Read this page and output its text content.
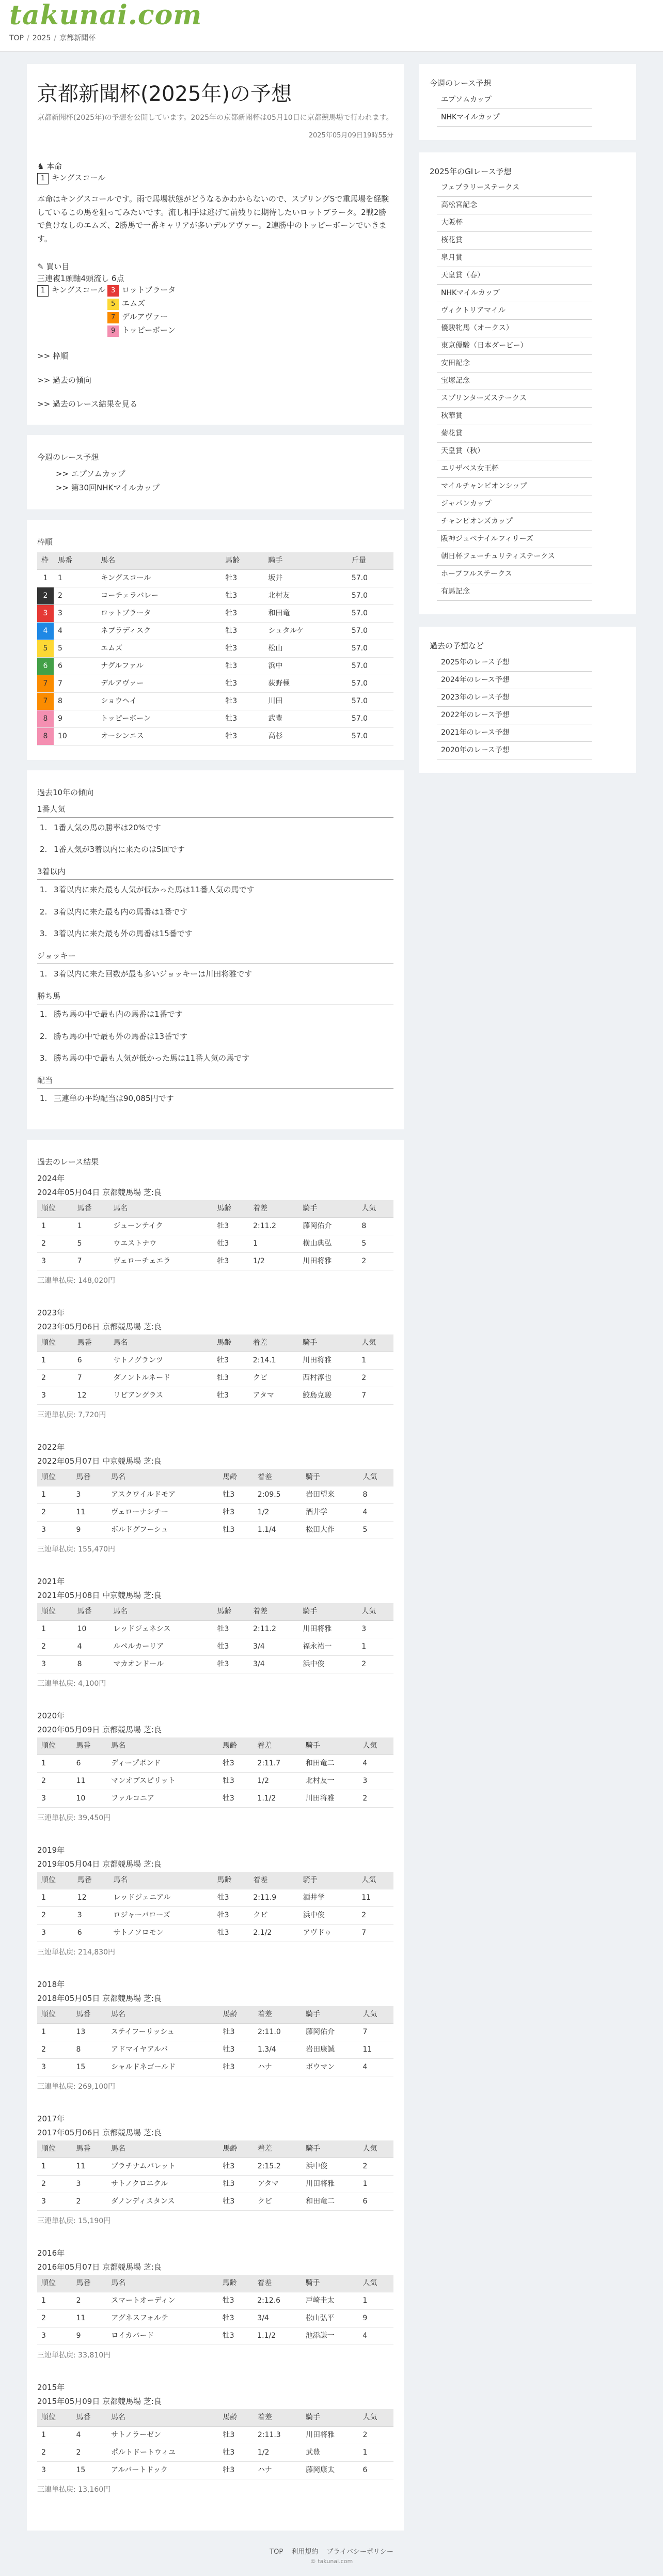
takunai.com
TOP / 2025 / 京都新聞杯
京都新聞杯(2025年)の予想

京都新聞杯(2025年)の予想を公開しています。2025年の京都新聞杯は05月10日に京都競馬場で行われます。

2025年05月09日19時55分
♞ 本命
1 キングスコール

本命はキングスコールです。雨で馬場状態がどうなるかわからないので、スプリングSで重馬場を経験しているこの馬を狙ってみたいです。流し相手は逃げて前残りに期待したいロットブラータ。2戦2勝で負けなしのエムズ、2勝馬で一番キャリアが多いデルアヴァー。2連勝中のトッピーボーンでいきます。

✎ 買い目
三連複1頭軸4頭流し 6点
1 キングスコール 3 ロットブラータ
5 エムズ
7 デルアヴァー
9 トッピーボーン
>> 枠順
>> 過去の傾向
>> 過去のレース結果を見る
今週のレース予想
>> エプソムカップ
>> 第30回NHKマイルカップ
枠順
枠	馬番	馬名	馬齢	騎手	斤量
1	1	キングスコール	牡3	坂井	57.0
2	2	コーチェラバレー	牡3	北村友	57.0
3	3	ロットブラータ	牡3	和田竜	57.0
4	4	ネブラディスク	牡3	シュタルケ	57.0
5	5	エムズ	牡3	松山	57.0
6	6	ナグルファル	牡3	浜中	57.0
7	7	デルアヴァー	牡3	荻野極	57.0
7	8	ショウヘイ	牡3	川田	57.0
8	9	トッピーボーン	牡3	武豊	57.0
8	10	オーシンエス	牡3	高杉	57.0
過去10年の傾向
1番人気
1. 1番人気の馬の勝率は20%です
2. 1番人気が3着以内に来たのは5回です
3着以内
1. 3着以内に来た最も人気が低かった馬は11番人気の馬です
2. 3着以内に来た最も内の馬番は1番です
3. 3着以内に来た最も外の馬番は15番です
ジョッキー
1. 3着以内に来た回数が最も多いジョッキーは川田将雅です
勝ち馬
1. 勝ち馬の中で最も内の馬番は1番です
2. 勝ち馬の中で最も外の馬番は13番です
3. 勝ち馬の中で最も人気が低かった馬は11番人気の馬です
配当
1. 三連単の平均配当は90,085円です
過去のレース結果
2024年
2024年05月04日 京都競馬場 芝:良
順位	馬番	馬名	馬齢	着差	騎手	人気
1	1	ジューンテイク	牡3	2:11.2	藤岡佑介	8
2	5	ウエストナウ	牡3	1	横山典弘	5
3	7	ヴェローチェエラ	牡3	1/2	川田将雅	2
三連単払戻: 148,020円
2023年
2023年05月06日 京都競馬場 芝:良
順位	馬番	馬名	馬齢	着差	騎手	人気
1	6	サトノグランツ	牡3	2:14.1	川田将雅	1
2	7	ダノントルネード	牡3	クビ	西村淳也	2
3	12	リビアングラス	牡3	アタマ	鮫島克駿	7
三連単払戻: 7,720円
2022年
2022年05月07日 中京競馬場 芝:良
順位	馬番	馬名	馬齢	着差	騎手	人気
1	3	アスクワイルドモア	牡3	2:09.5	岩田望来	8
2	11	ヴェローナシチー	牡3	1/2	酒井学	4
3	9	ボルドグフーシュ	牡3	1.1/4	松田大作	5
三連単払戻: 155,470円
2021年
2021年05月08日 中京競馬場 芝:良
順位	馬番	馬名	馬齢	着差	騎手	人気
1	10	レッドジェネシス	牡3	2:11.2	川田将雅	3
2	4	ルペルカーリア	牡3	3/4	福永祐一	1
3	8	マカオンドール	牡3	3/4	浜中俊	2
三連単払戻: 4,100円
2020年
2020年05月09日 京都競馬場 芝:良
順位	馬番	馬名	馬齢	着差	騎手	人気
1	6	ディープボンド	牡3	2:11.7	和田竜二	4
2	11	マンオブスピリット	牡3	1/2	北村友一	3
3	10	ファルコニア	牡3	1.1/2	川田将雅	2
三連単払戻: 39,450円
2019年
2019年05月04日 京都競馬場 芝:良
順位	馬番	馬名	馬齢	着差	騎手	人気
1	12	レッドジェニアル	牡3	2:11.9	酒井学	11
2	3	ロジャーバローズ	牡3	クビ	浜中俊	2
3	6	サトノソロモン	牡3	2.1/2	アヴドゥ	7
三連単払戻: 214,830円
2018年
2018年05月05日 京都競馬場 芝:良
順位	馬番	馬名	馬齢	着差	騎手	人気
1	13	ステイフーリッシュ	牡3	2:11.0	藤岡佑介	7
2	8	アドマイヤアルバ	牡3	1.3/4	岩田康誠	11
3	15	シャルドネゴールド	牡3	ハナ	ボウマン	4
三連単払戻: 269,100円
2017年
2017年05月06日 京都競馬場 芝:良
順位	馬番	馬名	馬齢	着差	騎手	人気
1	11	プラチナムバレット	牡3	2:15.2	浜中俊	2
2	3	サトノクロニクル	牡3	アタマ	川田将雅	1
3	2	ダノンディスタンス	牡3	クビ	和田竜二	6
三連単払戻: 15,190円
2016年
2016年05月07日 京都競馬場 芝:良
順位	馬番	馬名	馬齢	着差	騎手	人気
1	2	スマートオーディン	牡3	2:12.6	戸崎圭太	1
2	11	アグネスフォルテ	牡3	3/4	松山弘平	9
3	9	ロイカバード	牡3	1.1/2	池添謙一	4
三連単払戻: 33,810円
2015年
2015年05月09日 京都競馬場 芝:良
順位	馬番	馬名	馬齢	着差	騎手	人気
1	4	サトノラーゼン	牡3	2:11.3	川田将雅	2
2	2	ポルトドートウィユ	牡3	1/2	武豊	1
3	15	アルバートドック	牡3	ハナ	藤岡康太	6
三連単払戻: 13,160円
今週のレース予想
エプソムカップ
NHKマイルカップ
2025年のGIレース予想
フェブラリーステークス
高松宮記念
大阪杯
桜花賞
皐月賞
天皇賞（春）
NHKマイルカップ
ヴィクトリアマイル
優駿牝馬（オークス）
東京優駿（日本ダービー）
安田記念
宝塚記念
スプリンターズステークス
秋華賞
菊花賞
天皇賞（秋）
エリザベス女王杯
マイルチャンピオンシップ
ジャパンカップ
チャンピオンズカップ
阪神ジュベナイルフィリーズ
朝日杯フューチュリティステークス
ホープフルステークス
有馬記念
過去の予想など
2025年のレース予想
2024年のレース予想
2023年のレース予想
2022年のレース予想
2021年のレース予想
2020年のレース予想
TOP 利用規約 プライバシーポリシー
© takunai.com
